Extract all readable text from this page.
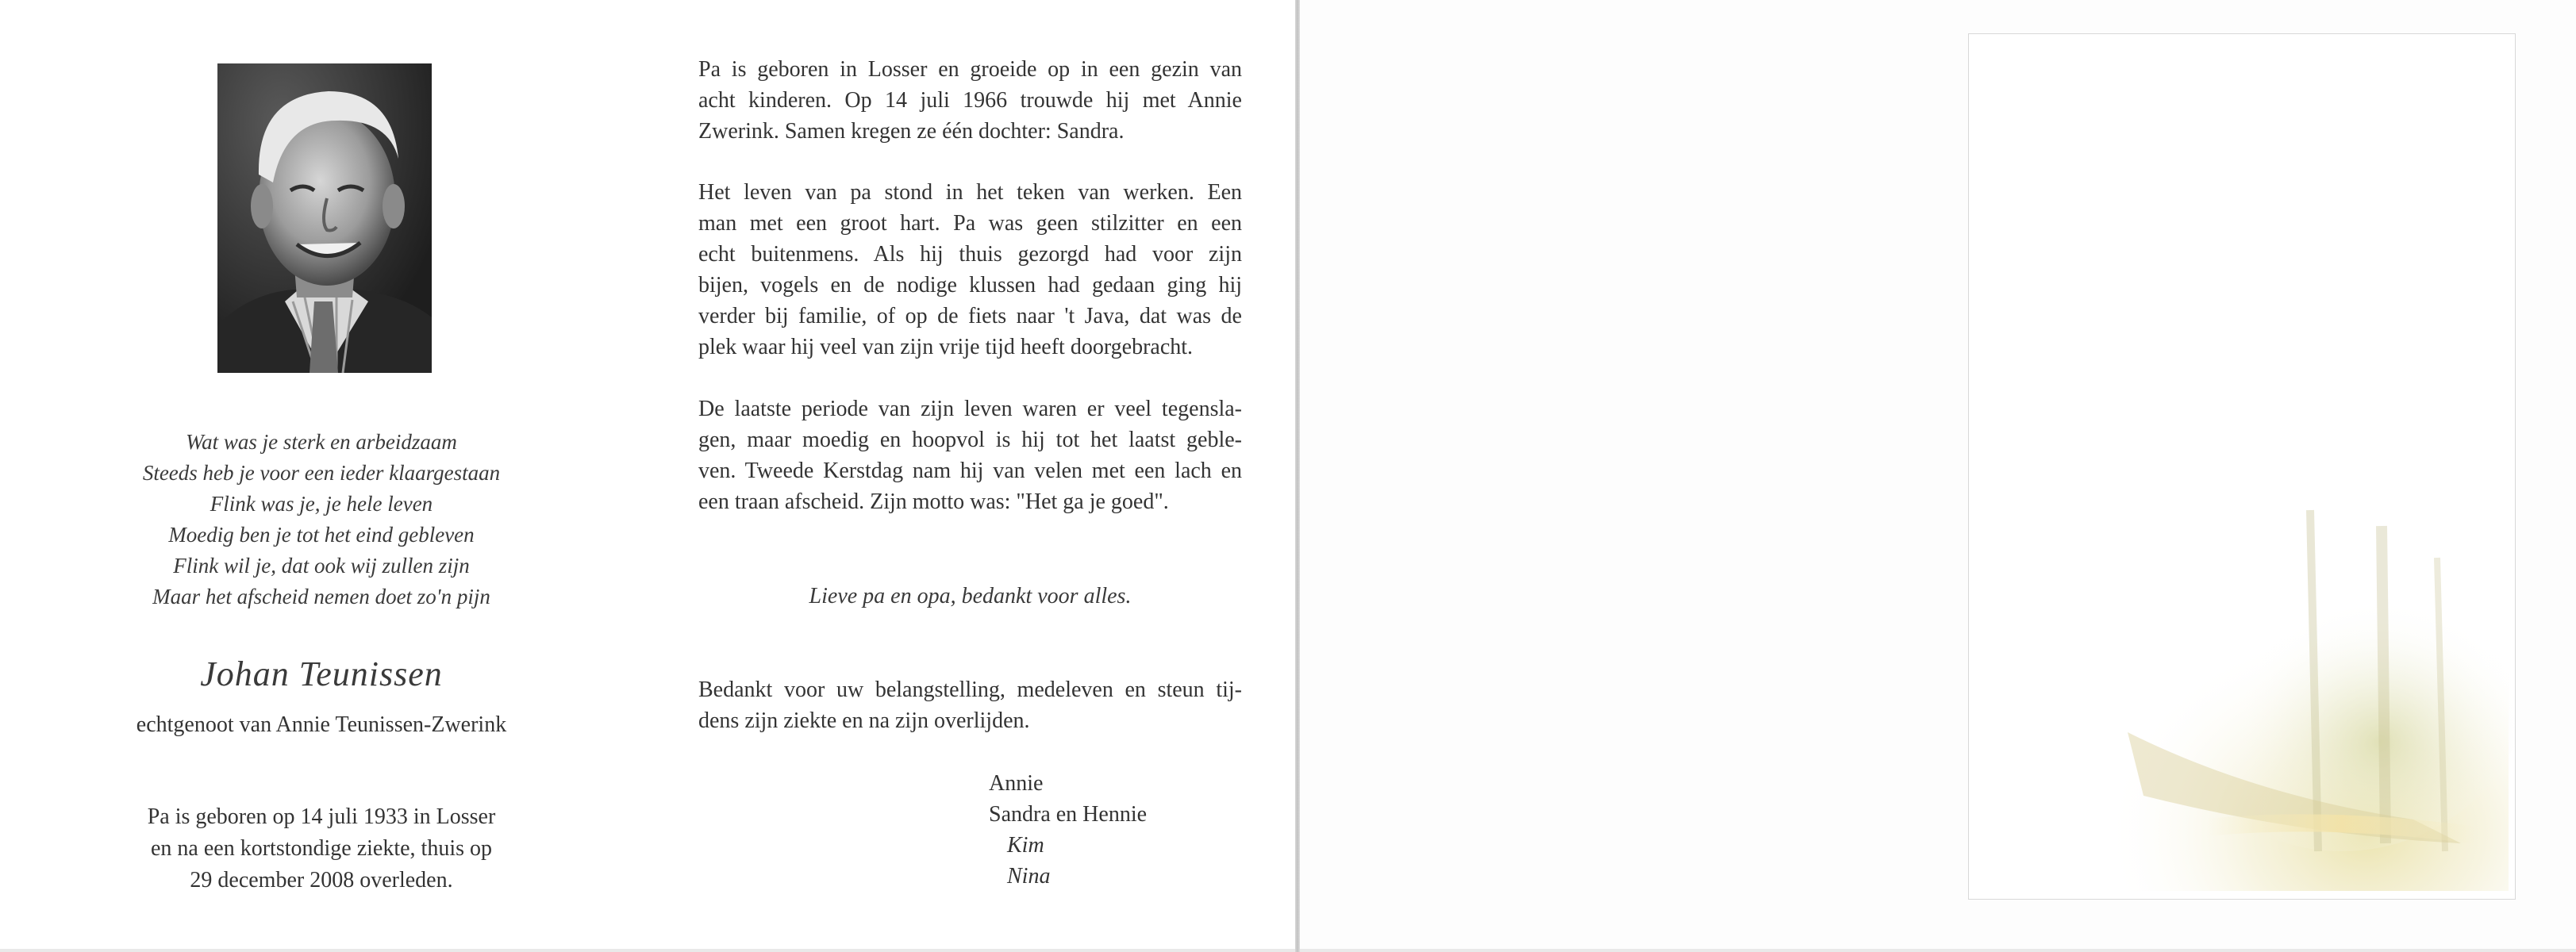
Wat was je sterk en arbeidzaam
Steeds heb je voor een ieder klaargestaan
Flink was je, je hele leven
Moedig ben je tot het eind gebleven
Flink wil je, dat ook wij zullen zijn
Maar het afscheid nemen doet zo'n pijn
Johan Teunissen
echtgenoot van Annie Teunissen-Zwerink
Pa is geboren op 14 juli 1933 in Losser
en na een kortstondige ziekte, thuis op
29 december 2008 overleden.
Pa is geboren in Losser en groeide op in een gezin van
acht kinderen. Op 14 juli 1966 trouwde hij met Annie
Zwerink. Samen kregen ze één dochter: Sandra.
Het leven van pa stond in het teken van werken. Een
man met een groot hart. Pa was geen stilzitter en een
echt buitenmens. Als hij thuis gezorgd had voor zijn
bijen, vogels en de nodige klussen had gedaan ging hij
verder bij familie, of op de fiets naar 't Java, dat was de
plek waar hij veel van zijn vrije tijd heeft doorgebracht.
De laatste periode van zijn leven waren er veel tegensla-
gen, maar moedig en hoopvol is hij tot het laatst geble-
ven. Tweede Kerstdag nam hij van velen met een lach en
een traan afscheid. Zijn motto was: "Het ga je goed".
Lieve pa en opa, bedankt voor alles.
Bedankt voor uw belangstelling, medeleven en steun tij-
dens zijn ziekte en na zijn overlijden.
Annie
Sandra en Hennie
Kim
Nina
